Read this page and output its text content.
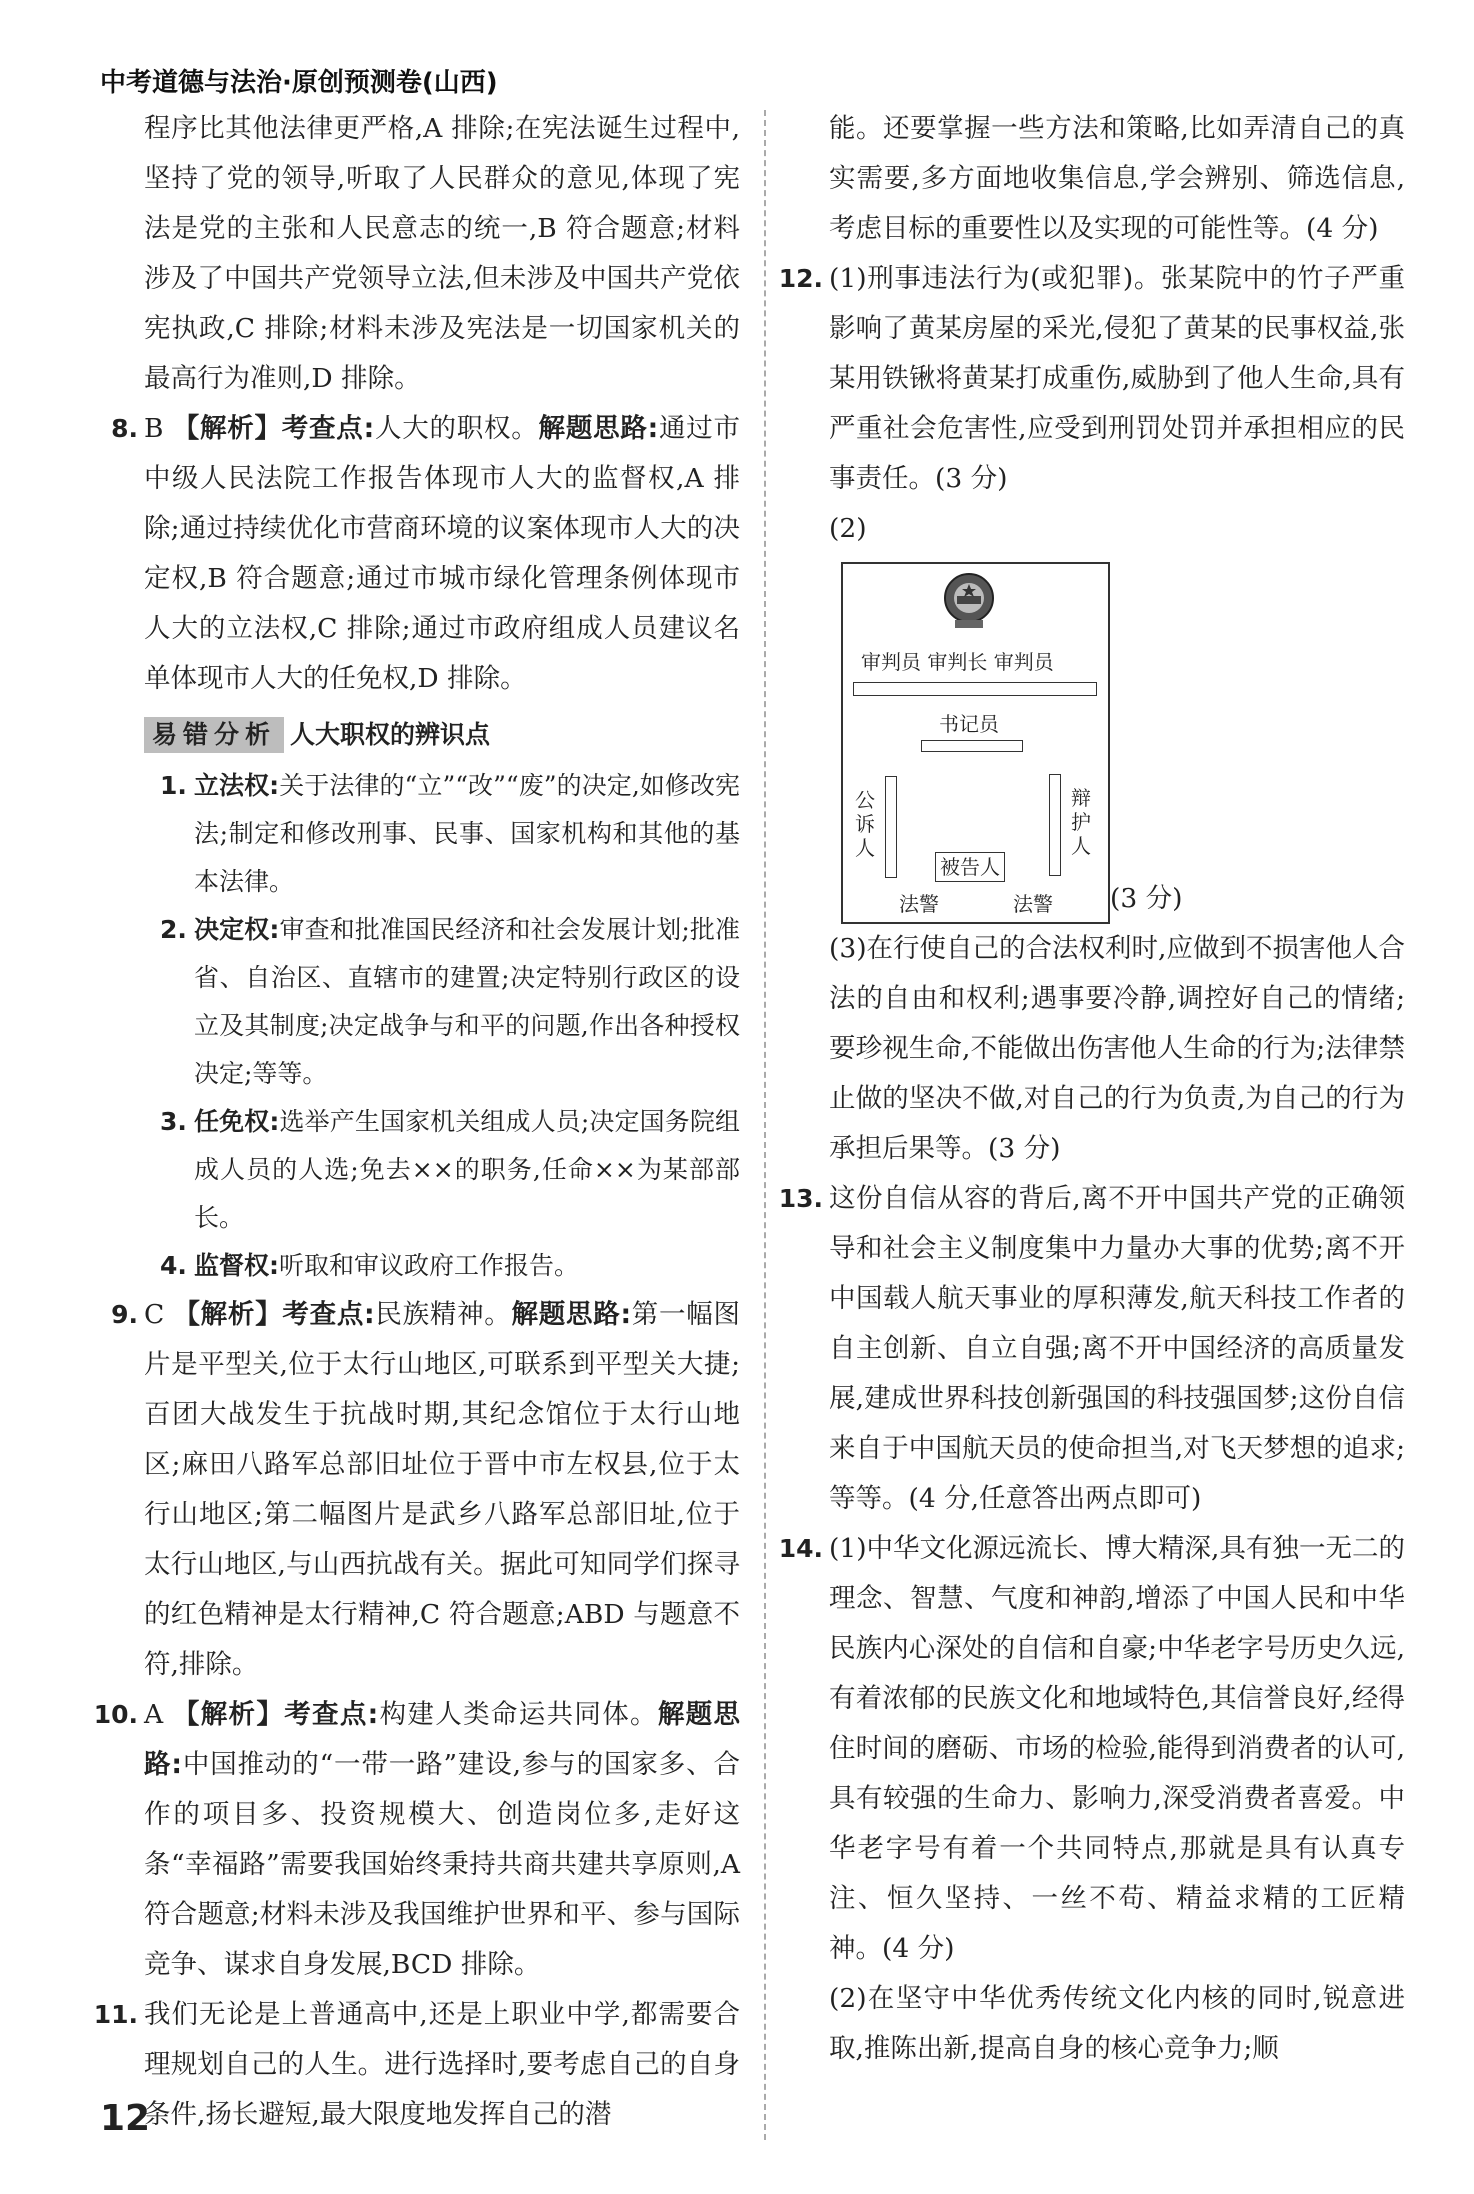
中考道德与法治·原创预测卷(山西)

程序比其他法律更严格,A 排除;在宪法诞生过程中,坚持了党的领导,听取了人民群众的意见,体现了宪法是党的主张和人民意志的统一,B 符合题意;材料涉及了中国共产党领导立法,但未涉及中国共产党依宪执政,C 排除;材料未涉及宪法是一切国家机关的最高行为准则,D 排除。

8. B 【解析】考查点:人大的职权。解题思路:通过市中级人民法院工作报告体现市人大的监督权,A 排除;通过持续优化市营商环境的议案体现市人大的决定权,B 符合题意;通过市城市绿化管理条例体现市人大的立法权,C 排除;通过市政府组成人员建议名单体现市人大的任免权,D 排除。

易错分析 人大职权的辨识点
1. 立法权:关于法律的“立”“改”“废”的决定,如修改宪法;制定和修改刑事、民事、国家机构和其他的基本法律。

2. 决定权:审查和批准国民经济和社会发展计划;批准省、自治区、直辖市的建置;决定特别行政区的设立及其制度;决定战争与和平的问题,作出各种授权决定;等等。

3. 任免权:选举产生国家机关组成人员;决定国务院组成人员的人选;免去××的职务,任命××为某部部长。

4. 监督权:听取和审议政府工作报告。

9. C 【解析】考查点:民族精神。解题思路:第一幅图片是平型关,位于太行山地区,可联系到平型关大捷;百团大战发生于抗战时期,其纪念馆位于太行山地区;麻田八路军总部旧址位于晋中市左权县,位于太行山地区;第二幅图片是武乡八路军总部旧址,位于太行山地区,与山西抗战有关。据此可知同学们探寻的红色精神是太行精神,C 符合题意;ABD 与题意不符,排除。

10. A 【解析】考查点:构建人类命运共同体。解题思路:中国推动的“一带一路”建设,参与的国家多、合作的项目多、投资规模大、创造岗位多,走好这条“幸福路”需要我国始终秉持共商共建共享原则,A 符合题意;材料未涉及我国维护世界和平、参与国际竞争、谋求自身发展,BCD 排除。

11. 我们无论是上普通高中,还是上职业中学,都需要合理规划自己的人生。进行选择时,要考虑自己的自身条件,扬长避短,最大限度地发挥自己的潜

能。还要掌握一些方法和策略,比如弄清自己的真实需要,多方面地收集信息,学会辨别、筛选信息,考虑目标的重要性以及实现的可能性等。(4 分)

12. (1)刑事违法行为(或犯罪)。张某院中的竹子严重影响了黄某房屋的采光,侵犯了黄某的民事权益,张某用铁锹将黄某打成重伤,威胁到了他人生命,具有严重社会危害性,应受到刑罚处罚并承担相应的民事责任。(3 分)

(2)

审判员 审判长 审判员
书记员
公诉人
辩护人
被告人
法警	法警 (3 分)

(3)在行使自己的合法权利时,应做到不损害他人合法的自由和权利;遇事要冷静,调控好自己的情绪;要珍视生命,不能做出伤害他人生命的行为;法律禁止做的坚决不做,对自己的行为负责,为自己的行为承担后果等。(3 分)

13. 这份自信从容的背后,离不开中国共产党的正确领导和社会主义制度集中力量办大事的优势;离不开中国载人航天事业的厚积薄发,航天科技工作者的自主创新、自立自强;离不开中国经济的高质量发展,建成世界科技创新强国的科技强国梦;这份自信来自于中国航天员的使命担当,对飞天梦想的追求;等等。(4 分,任意答出两点即可)

14. (1)中华文化源远流长、博大精深,具有独一无二的理念、智慧、气度和神韵,增添了中国人民和中华民族内心深处的自信和自豪;中华老字号历史久远,有着浓郁的民族文化和地域特色,其信誉良好,经得住时间的磨砺、市场的检验,能得到消费者的认可,具有较强的生命力、影响力,深受消费者喜爱。中华老字号有着一个共同特点,那就是具有认真专注、恒久坚持、一丝不苟、精益求精的工匠精神。(4 分)

(2)在坚守中华优秀传统文化内核的同时,锐意进取,推陈出新,提高自身的核心竞争力;顺

12
